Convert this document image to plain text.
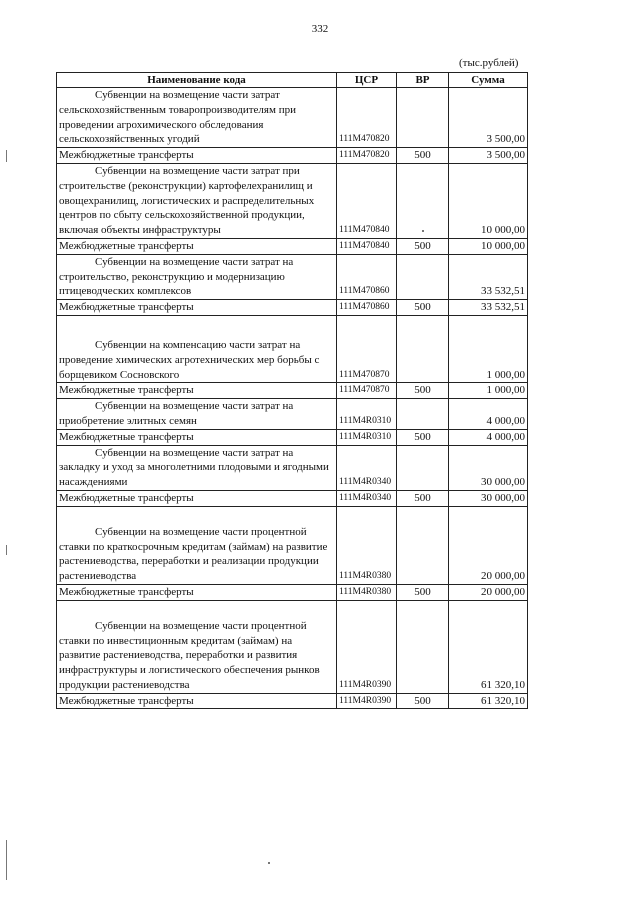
332
(тыс.рублей)
Наименование кода	ЦСР	ВР	Сумма

Субвенции на возмещение части затрат сельскохозяйственным товаропроизводителям при проведении агрохимического обследования сельскохозяйственных угодий	111М470820		3 500,00

Межбюджетные трансферты	111М470820	500	3 500,00

Субвенции на возмещение части затрат при строительстве (реконструкции) картофелехранилищ и овощехранилищ, логистических и распределительных центров по сбыту сельскохозяйственной продукции, включая объекты инфраструктуры	111М470840		10 000,00

Межбюджетные трансферты	111М470840	500	10 000,00

Субвенции на возмещение части затрат на строительство, реконструкцию и модернизацию птицеводческих комплексов	111М470860		33 532,51

Межбюджетные трансферты	111М470860	500	33 532,51

Субвенции на компенсацию части затрат на проведение химических агротехнических мер борьбы с борщевиком Сосновского	111М470870		1 000,00

Межбюджетные трансферты	111М470870	500	1 000,00

Субвенции на возмещение части затрат на приобретение элитных семян	111М4R0310		4 000,00

Межбюджетные трансферты	111М4R0310	500	4 000,00

Субвенции на возмещение части затрат на закладку и уход за многолетними плодовыми и ягодными насаждениями	111М4R0340		30 000,00

Межбюджетные трансферты	111М4R0340	500	30 000,00

Субвенции на возмещение части процентной ставки по краткосрочным кредитам (займам) на развитие растениеводства, переработки и реализации продукции растениеводства	111М4R0380		20 000,00

Межбюджетные трансферты	111М4R0380	500	20 000,00

Субвенции на возмещение части процентной ставки по инвестиционным кредитам (займам) на развитие растениеводства, переработки и развития инфраструктуры и логистического обеспечения рынков продукции растениеводства	111М4R0390		61 320,10

Межбюджетные трансферты	111М4R0390	500	61 320,10
